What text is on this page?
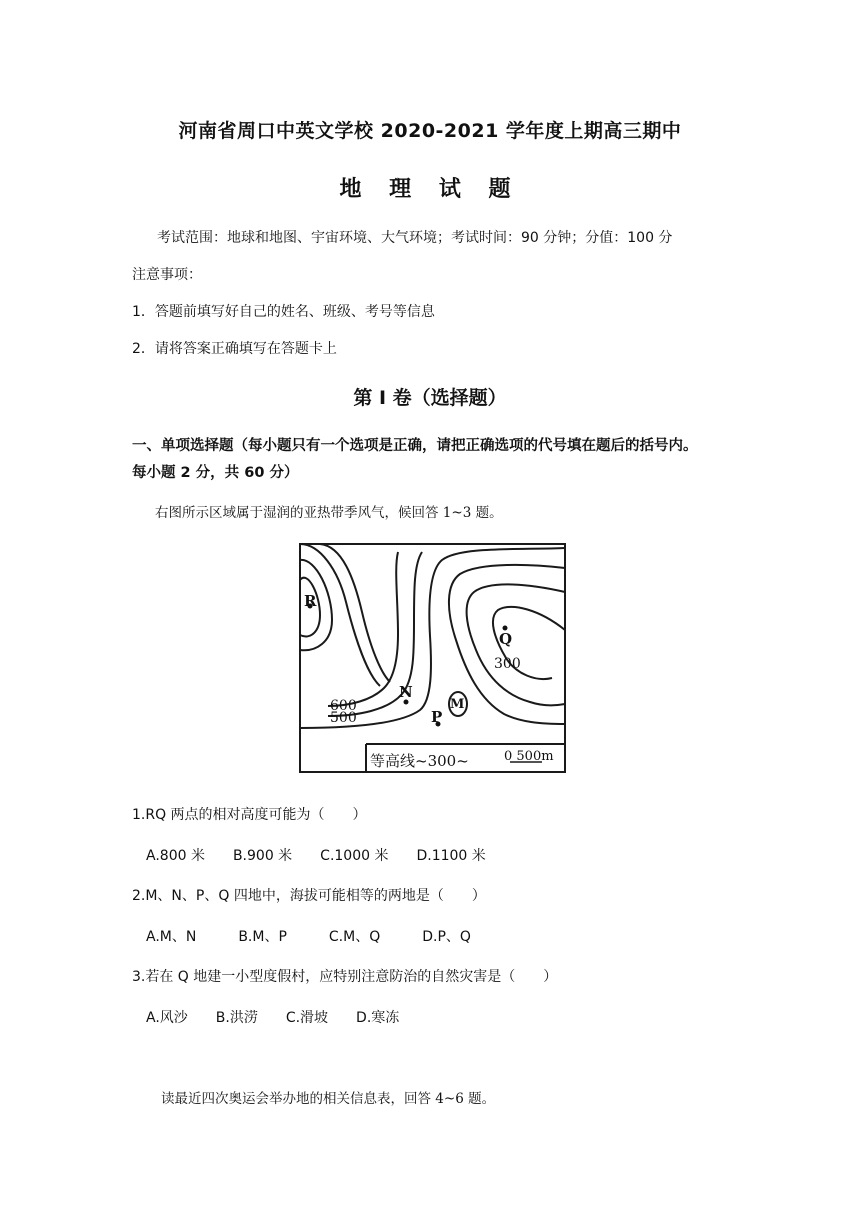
河南省周口中英文学校 2020-2021 学年度上期高三期中
地 理 试 题
考试范围：地球和地图、宇宙环境、大气环境；考试时间：90 分钟；分值：100 分
注意事项：
1．答题前填写好自己的姓名、班级、考号等信息
2．请将答案正确填写在答题卡上
第 I 卷（选择题）
一、单项选择题（每小题只有一个选项是正确，请把正确选项的代号填在题后的括号内。
每小题 2 分，共 60 分）
右图所示区域属于湿润的亚热带季风气，候回答 1~3 题。
R
Q
N
M
P
300
600
500
等高线~300~	0 500m
1.RQ 两点的相对高度可能为（　　）
A.800 米　　B.900 米　　C.1000 米　　D.1100 米
2.M、N、P、Q 四地中，海拔可能相等的两地是（　　）
A.M、N　　　B.M、P　　　C.M、Q　　　D.P、Q
3.若在 Q 地建一小型度假村，应特别注意防治的自然灾害是（　　）
A.风沙　　B.洪涝　　C.滑坡　　D.寒冻
读最近四次奥运会举办地的相关信息表，回答 4~6 题。
